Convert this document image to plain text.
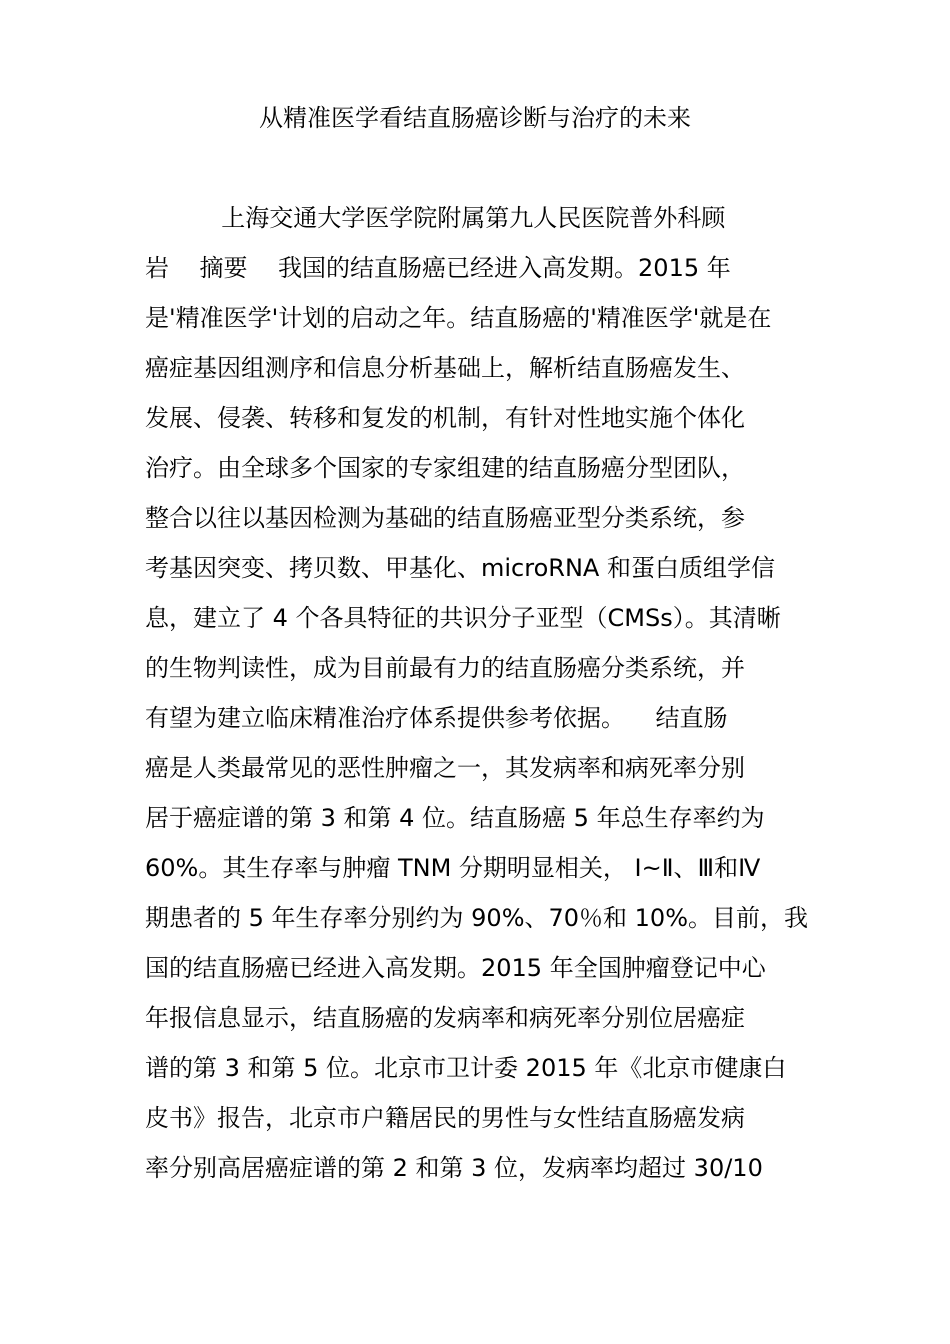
从精准医学看结直肠癌诊断与治疗的未来
上海交通大学医学院附属第九人民医院普外科顾
岩    摘要    我国的结直肠癌已经进入高发期。2015 年
是'精准医学'计划的启动之年。结直肠癌的'精准医学'就是在
癌症基因组测序和信息分析基础上，解析结直肠癌发生、
发展、侵袭、转移和复发的机制，有针对性地实施个体化
治疗。由全球多个国家的专家组建的结直肠癌分型团队，
整合以往以基因检测为基础的结直肠癌亚型分类系统，参
考基因突变、拷贝数、甲基化、microRNA 和蛋白质组学信
息，建立了 4 个各具特征的共识分子亚型（CMSs）。其清晰
的生物判读性，成为目前最有力的结直肠癌分类系统，并
有望为建立临床精准治疗体系提供参考依据。    结直肠
癌是人类最常见的恶性肿瘤之一，其发病率和病死率分别
居于癌症谱的第 3 和第 4 位。结直肠癌 5 年总生存率约为
60%。其生存率与肿瘤 TNM 分期明显相关， Ⅰ~Ⅱ、Ⅲ和Ⅳ
期患者的 5 年生存率分别约为 90%、70％和 10%。目前，我
国的结直肠癌已经进入高发期。2015 年全国肿瘤登记中心
年报信息显示，结直肠癌的发病率和病死率分别位居癌症
谱的第 3 和第 5 位。北京市卫计委 2015 年《北京市健康白
皮书》报告，北京市户籍居民的男性与女性结直肠癌发病
率分别高居癌症谱的第 2 和第 3 位，发病率均超过 30/10
